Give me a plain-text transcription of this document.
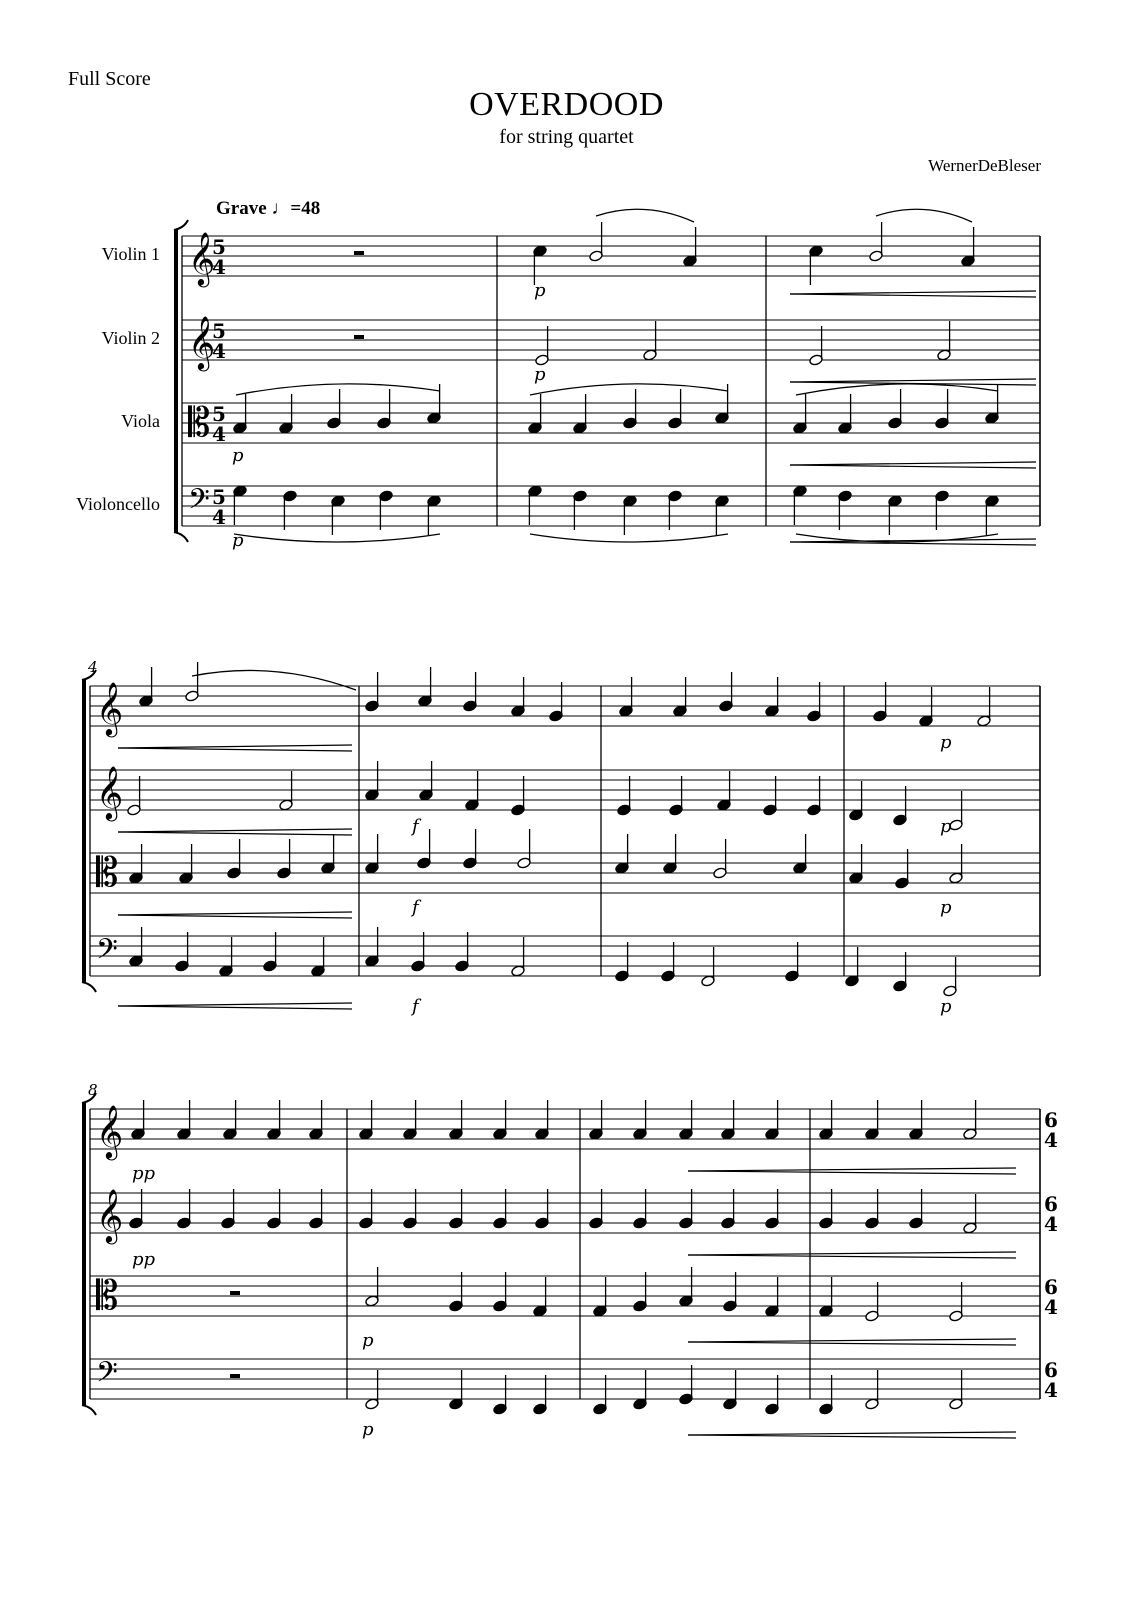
Full Score
OVERDOOD
for string quartet
WernerDeBleser
Grave ♩=48
Violin 1
Violin 2
Viola
Violoncello
𝄞
𝄞
𝄡
𝄢
5
4
5
4
5
4
5
4
𝄞
𝄞
𝄡
𝄢
4
𝄞
𝄞
𝄡
𝄢
6
4
6
4
6
4
6
4
8
p
p
p
p
f
f
f
p
p
p
p
pp
pp
p
p
